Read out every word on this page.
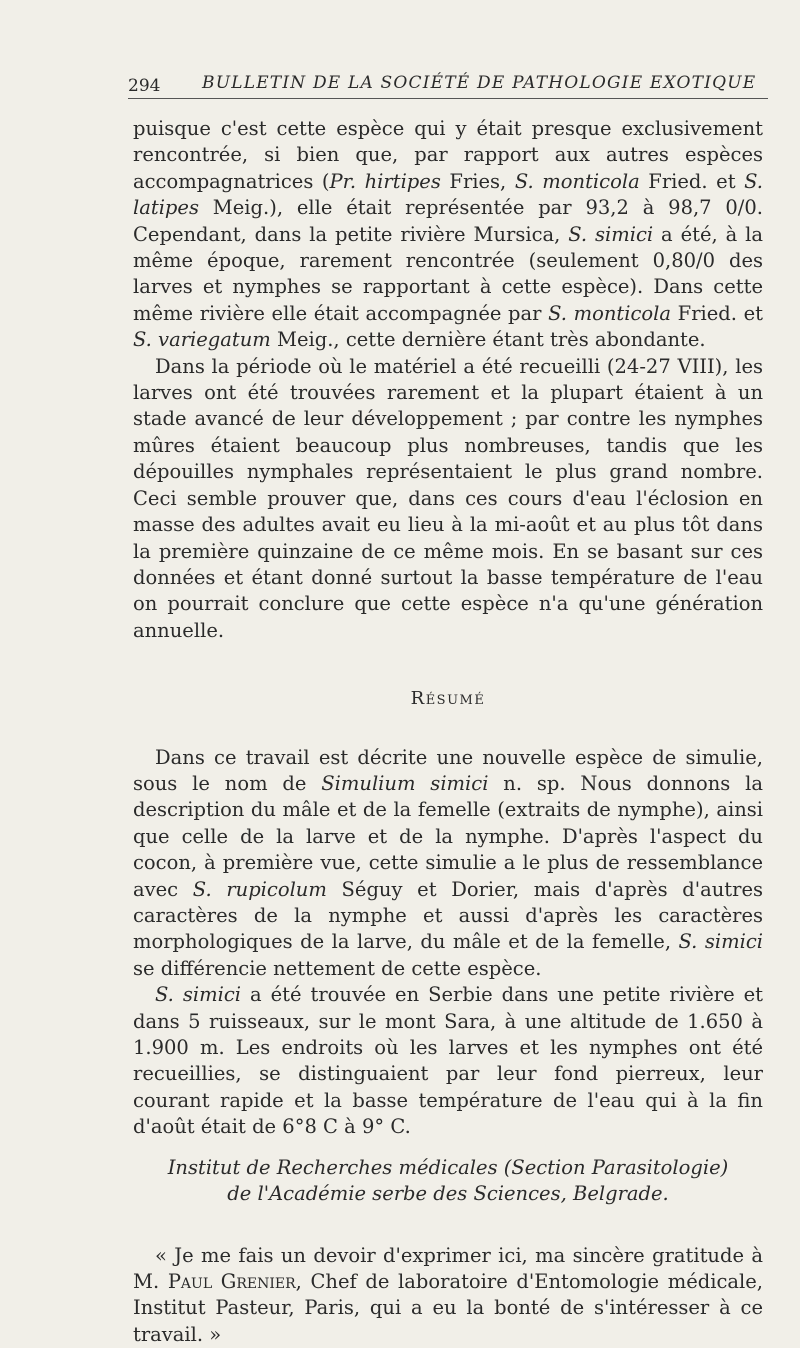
294 BULLETIN DE LA SOCIÉTÉ DE PATHOLOGIE EXOTIQUE

puisque c'est cette espèce qui y était presque exclusivement rencontrée, si bien que, par rapport aux autres espèces accompagnatrices (Pr. hirtipes Fries, S. monticola Fried. et S. latipes Meig.), elle était représentée par 93,2 à 98,7 0/0. Cependant, dans la petite rivière Mursica, S. simici a été, à la même époque, rarement rencontrée (seulement 0,80/0 des larves et nymphes se rapportant à cette espèce). Dans cette même rivière elle était accompagnée par S. monticola Fried. et S. variegatum Meig., cette dernière étant très abondante.

Dans la période où le matériel a été recueilli (24-27 VIII), les larves ont été trouvées rarement et la plupart étaient à un stade avancé de leur développement ; par contre les nymphes mûres étaient beaucoup plus nombreuses, tandis que les dépouilles nymphales représentaient le plus grand nombre. Ceci semble prouver que, dans ces cours d'eau l'éclosion en masse des adultes avait eu lieu à la mi-août et au plus tôt dans la première quinzaine de ce même mois. En se basant sur ces données et étant donné surtout la basse température de l'eau on pourrait conclure que cette espèce n'a qu'une génération annuelle.

Résumé

Dans ce travail est décrite une nouvelle espèce de simulie, sous le nom de Simulium simici n. sp. Nous donnons la description du mâle et de la femelle (extraits de nymphe), ainsi que celle de la larve et de la nymphe. D'après l'aspect du cocon, à première vue, cette simulie a le plus de ressemblance avec S. rupicolum Séguy et Dorier, mais d'après d'autres caractères de la nymphe et aussi d'après les caractères morphologiques de la larve, du mâle et de la femelle, S. simici se différencie nettement de cette espèce.

S. simici a été trouvée en Serbie dans une petite rivière et dans 5 ruisseaux, sur le mont Sara, à une altitude de 1.650 à 1.900 m. Les endroits où les larves et les nymphes ont été recueillies, se distinguaient par leur fond pierreux, leur courant rapide et la basse température de l'eau qui à la fin d'août était de 6°8 C à 9° C.

Institut de Recherches médicales (Section Parasitologie)
de l'Académie serbe des Sciences, Belgrade.

« Je me fais un devoir d'exprimer ici, ma sincère gratitude à M. Paul Grenier, Chef de laboratoire d'Entomologie médicale, Institut Pasteur, Paris, qui a eu la bonté de s'intéresser à ce travail. »
